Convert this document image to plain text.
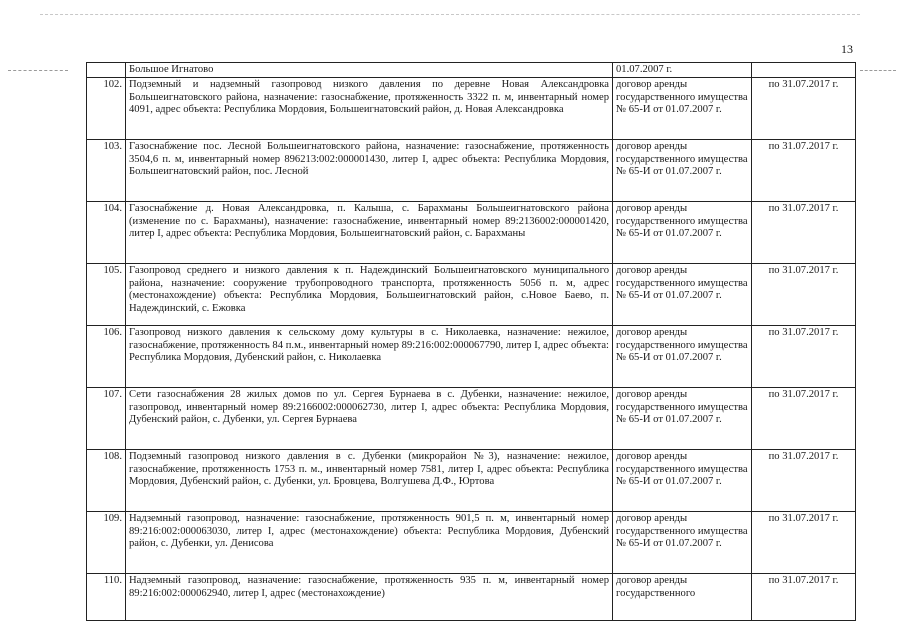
13

	Большое Игнатово	01.07.2007 г.	
102.	Подземный и надземный газопровод низкого давления по деревне Новая Александровка Большеигнатовского района, назначение: газоснабжение, протяженность 3322 п. м, инвентарный номер 4091, адрес объекта: Республика Мордовия, Большеигнатовский район, д. Новая Александровка	договор аренды государственного имущества № 65-И от 01.07.2007 г.	по 31.07.2017 г.
103.	Газоснабжение пос. Лесной Большеигнатовского района, назначение: газоснабжение, протяженность 3504,6 п. м, инвентарный номер 896213:002:000001430, литер I, адрес объекта: Республика Мордовия, Большеигнатовский район, пос. Лесной	договор аренды государственного имущества № 65-И от 01.07.2007 г.	по 31.07.2017 г.
104.	Газоснабжение д. Новая Александровка, п. Калыша, с. Барахманы Большеигнатовского района (изменение по с. Барахманы), назначение: газоснабжение, инвентарный номер 89:2136002:000001420, литер I, адрес объекта: Республика Мордовия, Большеигнатовский район, с. Барахманы	договор аренды государственного имущества № 65-И от 01.07.2007 г.	по 31.07.2017 г.
105.	Газопровод среднего и низкого давления к п. Надеждинский Большеигнатовского муниципального района, назначение: сооружение трубопроводного транспорта, протяженность 5056 п. м, адрес (местонахождение) объекта: Республика Мордовия, Большеигнатовский район, с.Новое Баево, п. Надеждинский, с. Ежовка	договор аренды государственного имущества № 65-И от 01.07.2007 г.	по 31.07.2017 г.
106.	Газопровод низкого давления к сельскому дому культуры в с. Николаевка, назначение: нежилое, газоснабжение, протяженность 84 п.м., инвентарный номер 89:216:002:000067790, литер I, адрес объекта: Республика Мордовия, Дубенский район, с. Николаевка	договор аренды государственного имущества № 65-И от 01.07.2007 г.	по 31.07.2017 г.
107.	Сети газоснабжения 28 жилых домов по ул. Сергея Бурнаева в с. Дубенки, назначение: нежилое, газопровод, инвентарный номер 89:2166002:000062730, литер I, адрес объекта: Республика Мордовия, Дубенский район, с. Дубенки, ул. Сергея Бурнаева	договор аренды государственного имущества № 65-И от 01.07.2007 г.	по 31.07.2017 г.
108.	Подземный газопровод низкого давления в с. Дубенки (микрорайон №3), назначение: нежилое, газоснабжение, протяженность 1753 п. м., инвентарный номер 7581, литер I, адрес объекта: Республика Мордовия, Дубенский район, с. Дубенки, ул. Бровцева, Волгушева Д.Ф., Юртова	договор аренды государственного имущества № 65-И от 01.07.2007 г.	по 31.07.2017 г.
109.	Надземный газопровод, назначение: газоснабжение, протяженность 901,5 п. м, инвентарный номер 89:216:002:000063030, литер I, адрес (местонахождение) объекта: Республика Мордовия, Дубенский район, с. Дубенки, ул. Денисова	договор аренды государственного имущества № 65-И от 01.07.2007 г.	по 31.07.2017 г.
110.	Надземный газопровод, назначение: газоснабжение, протяженность 935 п. м, инвентарный номер 89:216:002:000062940, литер I, адрес (местонахождение)	договор аренды государственного	по 31.07.2017 г.
